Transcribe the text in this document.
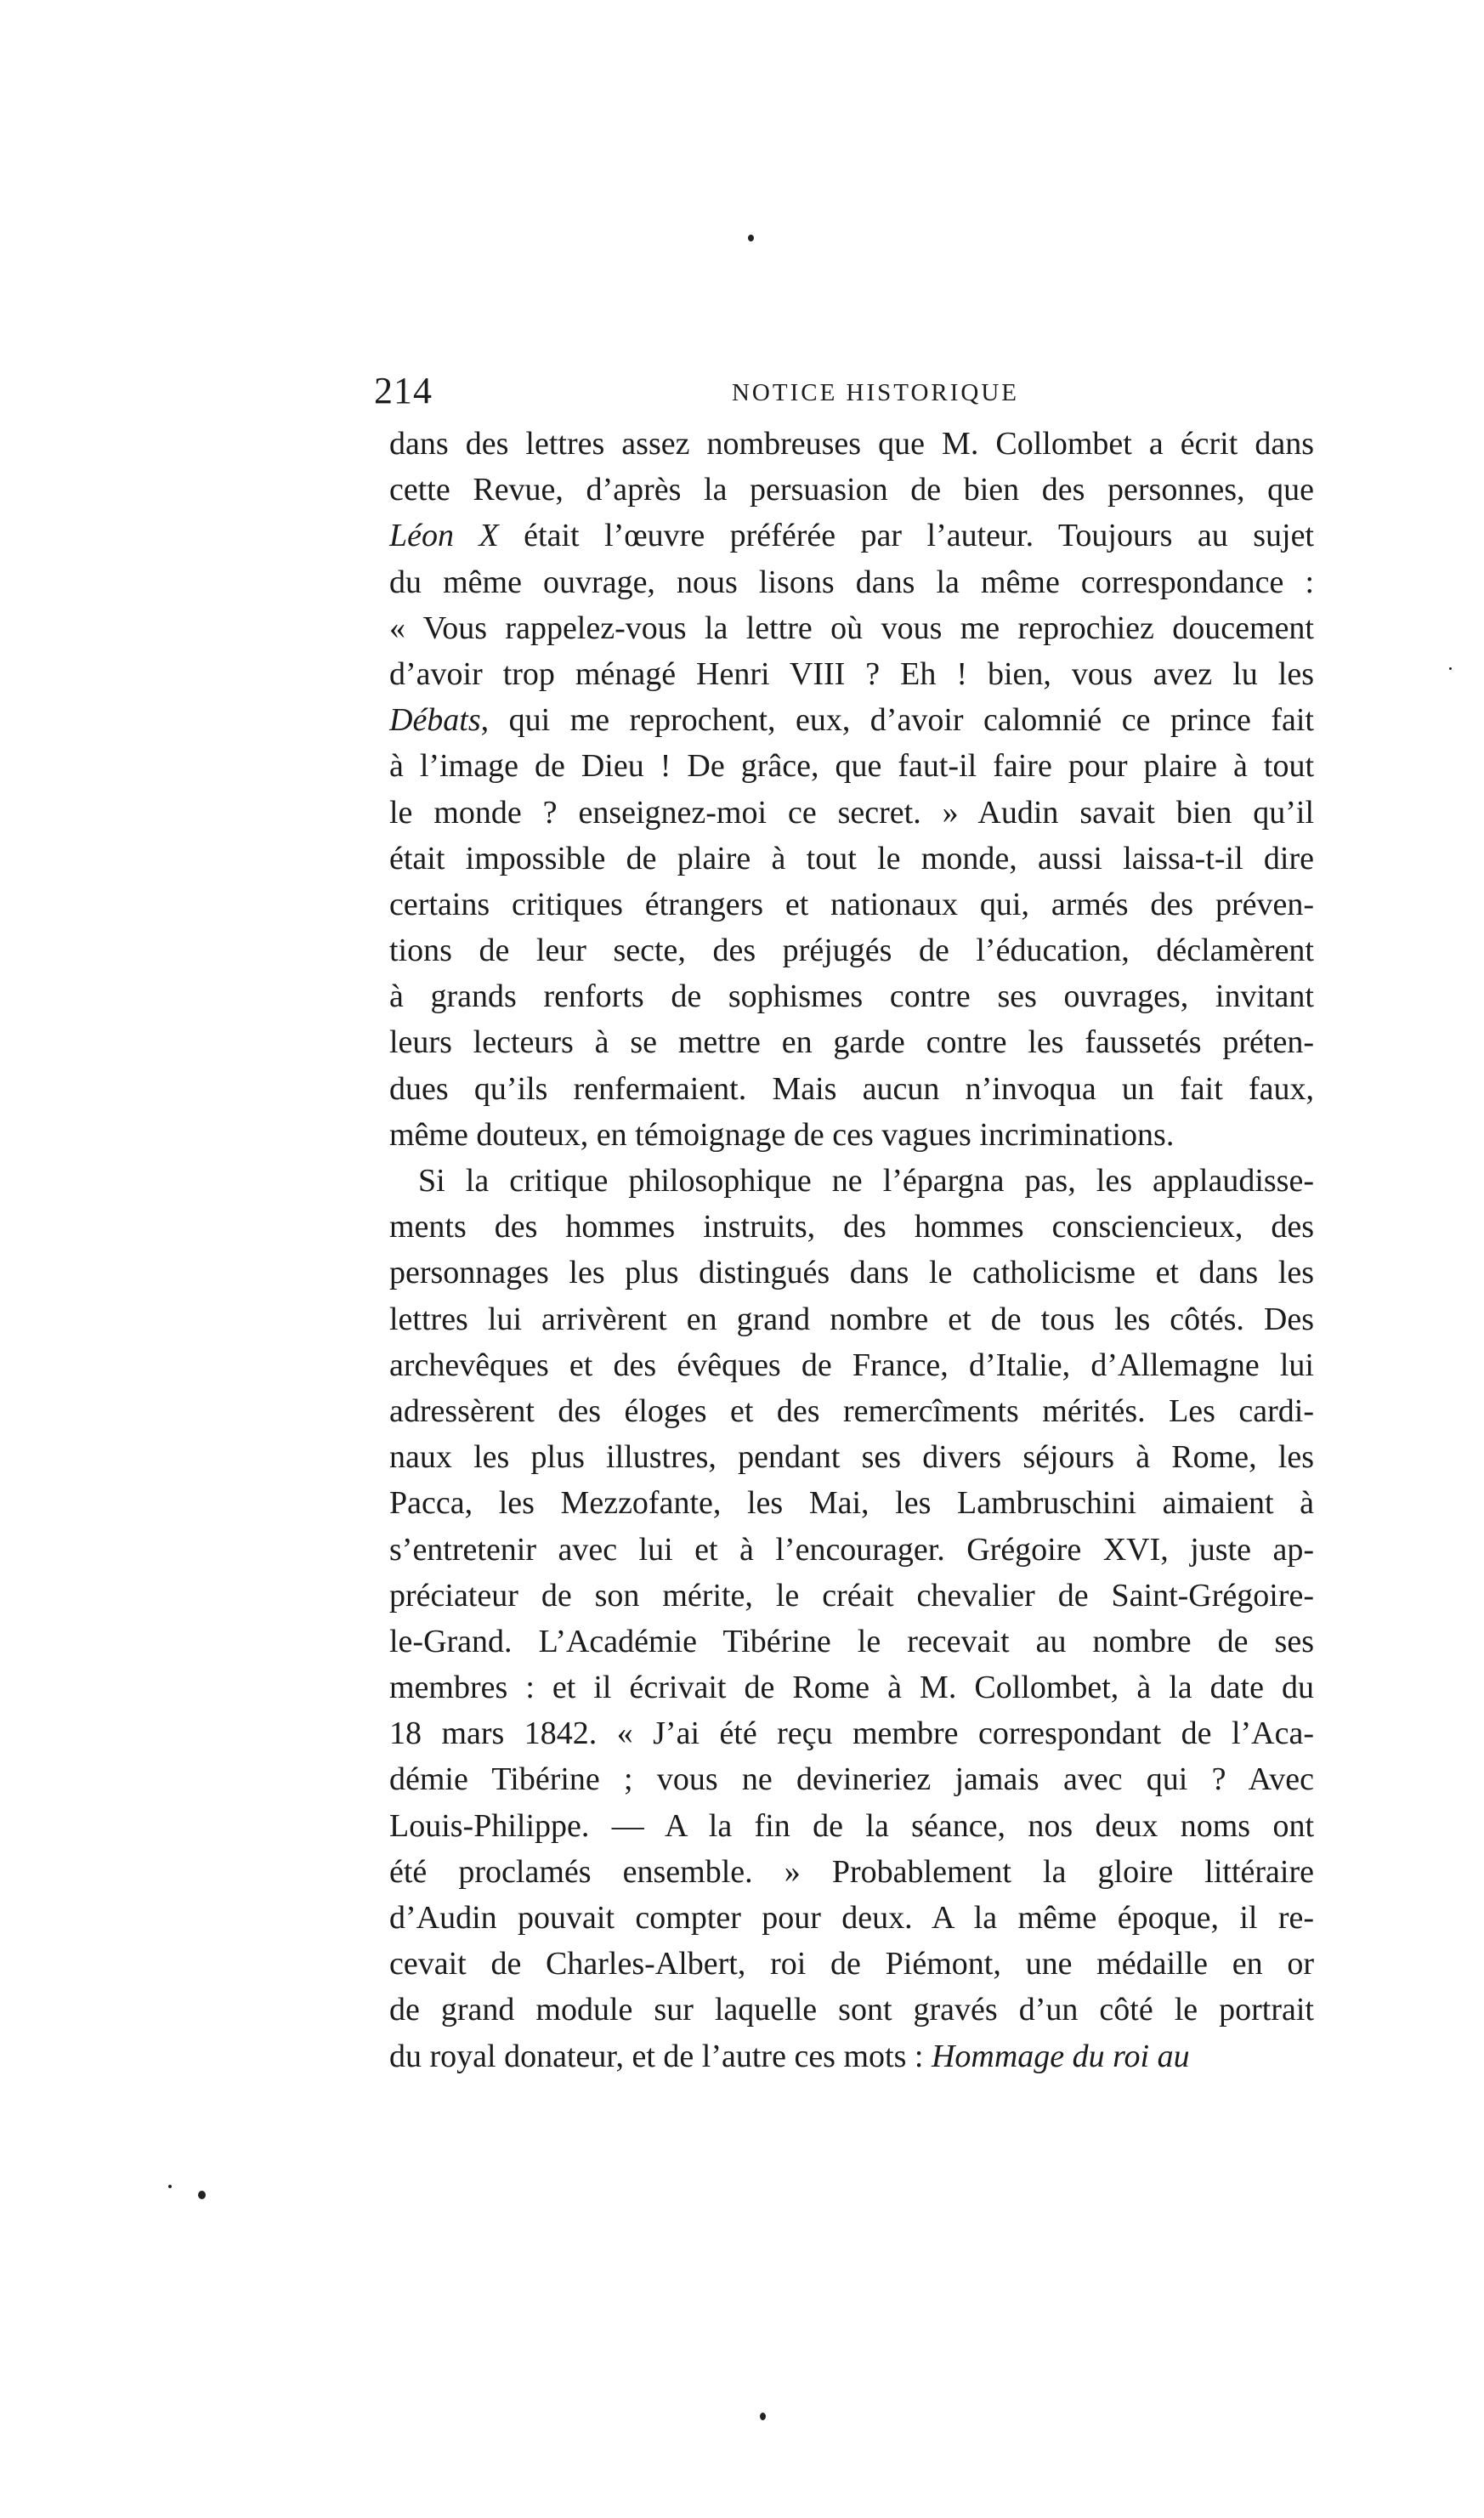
214	NOTICE HISTORIQUE
dans des lettres assez nombreuses que M. Collombet a écrit dans
cette Revue, d’après la persuasion de bien des personnes, que
Léon X était l’œuvre préférée par l’auteur. Toujours au sujet
du même ouvrage, nous lisons dans la même correspondance :
« Vous rappelez-vous la lettre où vous me reprochiez doucement
d’avoir trop ménagé Henri VIII ? Eh ! bien, vous avez lu les
Débats, qui me reprochent, eux, d’avoir calomnié ce prince fait
à l’image de Dieu ! De grâce, que faut-il faire pour plaire à tout
le monde ? enseignez-moi ce secret. » Audin savait bien qu’il
était impossible de plaire à tout le monde, aussi laissa-t-il dire
certains critiques étrangers et nationaux qui, armés des préven-
tions de leur secte, des préjugés de l’éducation, déclamèrent
à grands renforts de sophismes contre ses ouvrages, invitant
leurs lecteurs à se mettre en garde contre les faussetés préten-
dues qu’ils renfermaient. Mais aucun n’invoqua un fait faux,
même douteux, en témoignage de ces vagues incriminations.
Si la critique philosophique ne l’épargna pas, les applaudisse-
ments des hommes instruits, des hommes consciencieux, des
personnages les plus distingués dans le catholicisme et dans les
lettres lui arrivèrent en grand nombre et de tous les côtés. Des
archevêques et des évêques de France, d’Italie, d’Allemagne lui
adressèrent des éloges et des remercîments mérités. Les cardi-
naux les plus illustres, pendant ses divers séjours à Rome, les
Pacca, les Mezzofante, les Mai, les Lambruschini aimaient à
s’entretenir avec lui et à l’encourager. Grégoire XVI, juste ap-
préciateur de son mérite, le créait chevalier de Saint-Grégoire-
le-Grand. L’Académie Tibérine le recevait au nombre de ses
membres : et il écrivait de Rome à M. Collombet, à la date du
18 mars 1842. « J’ai été reçu membre correspondant de l’Aca-
démie Tibérine ; vous ne devineriez jamais avec qui ? Avec
Louis-Philippe. — A la fin de la séance, nos deux noms ont
été proclamés ensemble. » Probablement la gloire littéraire
d’Audin pouvait compter pour deux. A la même époque, il re-
cevait de Charles-Albert, roi de Piémont, une médaille en or
de grand module sur laquelle sont gravés d’un côté le portrait
du royal donateur, et de l’autre ces mots : Hommage du roi au
